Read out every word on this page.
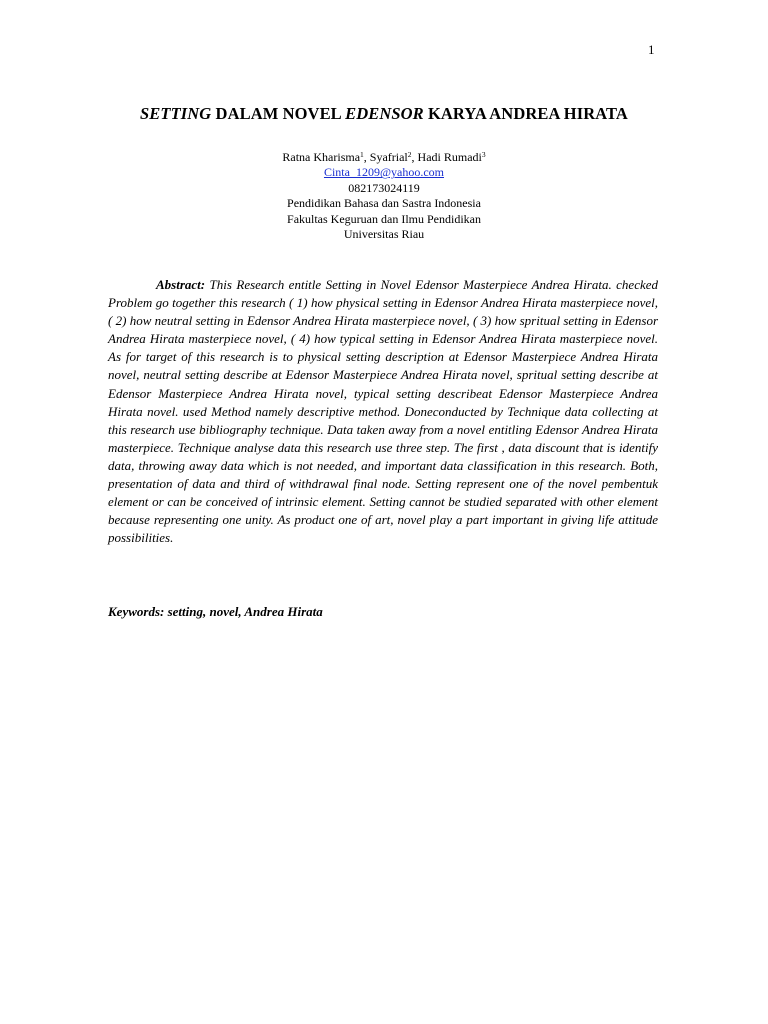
1
SETTING DALAM NOVEL EDENSOR KARYA ANDREA HIRATA
Ratna Kharisma$^1$, Syafrial$^2$, Hadi Rumadi$^3$
Cinta_1209@yahoo.com
082173024119
Pendidikan Bahasa dan Sastra Indonesia
Fakultas Keguruan dan Ilmu Pendidikan
Universitas Riau

Abstract: This Research entitle Setting in Novel Edensor Masterpiece Andrea Hirata. checked Problem go together this research ( 1) how physical setting in Edensor Andrea Hirata masterpiece novel, ( 2) how neutral setting in Edensor Andrea Hirata masterpiece novel, ( 3) how spritual setting in Edensor Andrea Hirata masterpiece novel, ( 4) how typical setting in Edensor Andrea Hirata masterpiece novel. As for target of this research is to physical setting description at Edensor Masterpiece Andrea Hirata novel, neutral setting describe at Edensor Masterpiece Andrea Hirata novel, spritual setting describe at Edensor Masterpiece Andrea Hirata novel, typical setting describeat Edensor Masterpiece Andrea Hirata novel. used Method namely descriptive method. Doneconducted by Technique data collecting at this research use bibliography technique. Data taken away from a novel entitling Edensor Andrea Hirata masterpiece. Technique analyse data this research use three step. The first , data discount that is identify data, throwing away data which is not needed, and important data classification in this research. Both, presentation of data and third of withdrawal final node. Setting represent one of the novel pembentuk element or can be conceived of intrinsic element. Setting cannot be studied separated with other element because representing one unity. As product one of art, novel play a part important in giving life attitude possibilities.

Keywords: setting, novel, Andrea Hirata
